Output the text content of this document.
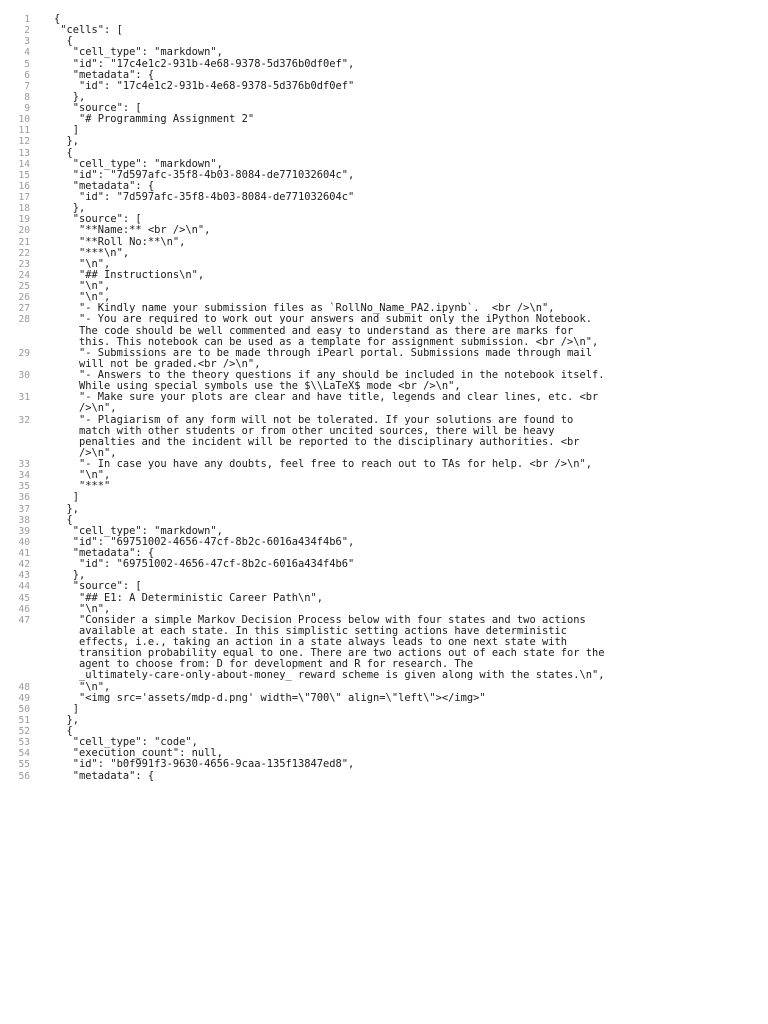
1	{
2	"cells": [
3	{
4	"cell_type": "markdown",
5	"id": "17c4e1c2-931b-4e68-9378-5d376b0df0ef",
6	"metadata": {
7	"id": "17c4e1c2-931b-4e68-9378-5d376b0df0ef"
8	},
9	"source": [
10	"# Programming Assignment 2"
11	]
12	},
13	{
14	"cell_type": "markdown",
15	"id": "7d597afc-35f8-4b03-8084-de771032604c",
16	"metadata": {
17	"id": "7d597afc-35f8-4b03-8084-de771032604c"
18	},
19	"source": [
20	"**Name:** <br />\n",
21	"**Roll No:**\n",
22	"***\n",
23	"\n",
24	"## Instructions\n",
25	"\n",
26	"\n",
27	"- Kindly name your submission files as `RollNo_Name_PA2.ipynb`.  <br />\n",
28	"- You are required to work out your answers and submit only the iPython Notebook.
The code should be well commented and easy to understand as there are marks for
this. This notebook can be used as a template for assignment submission. <br />\n",
29	"- Submissions are to be made through iPearl portal. Submissions made through mail
will not be graded.<br />\n",
30	"- Answers to the theory questions if any should be included in the notebook itself.
While using special symbols use the $\\LaTeX$ mode <br />\n",
31	"- Make sure your plots are clear and have title, legends and clear lines, etc. <br
/>\n",
32	"- Plagiarism of any form will not be tolerated. If your solutions are found to
match with other students or from other uncited sources, there will be heavy
penalties and the incident will be reported to the disciplinary authorities. <br
/>\n",
33	"- In case you have any doubts, feel free to reach out to TAs for help. <br />\n",
34	"\n",
35	"***"
36	]
37	},
38	{
39	"cell_type": "markdown",
40	"id": "69751002-4656-47cf-8b2c-6016a434f4b6",
41	"metadata": {
42	"id": "69751002-4656-47cf-8b2c-6016a434f4b6"
43	},
44	"source": [
45	"## E1: A Deterministic Career Path\n",
46	"\n",
47	"Consider a simple Markov Decision Process below with four states and two actions
available at each state. In this simplistic setting actions have deterministic
effects, i.e., taking an action in a state always leads to one next state with
transition probability equal to one. There are two actions out of each state for the
agent to choose from: D for development and R for research. The
_ultimately-care-only-about-money_ reward scheme is given along with the states.\n",
48	"\n",
49	"<img src='assets/mdp-d.png' width=\"700\" align=\"left\"></img>"
50	]
51	},
52	{
53	"cell_type": "code",
54	"execution_count": null,
55	"id": "b0f991f3-9630-4656-9caa-135f13847ed8",
56	"metadata": {
